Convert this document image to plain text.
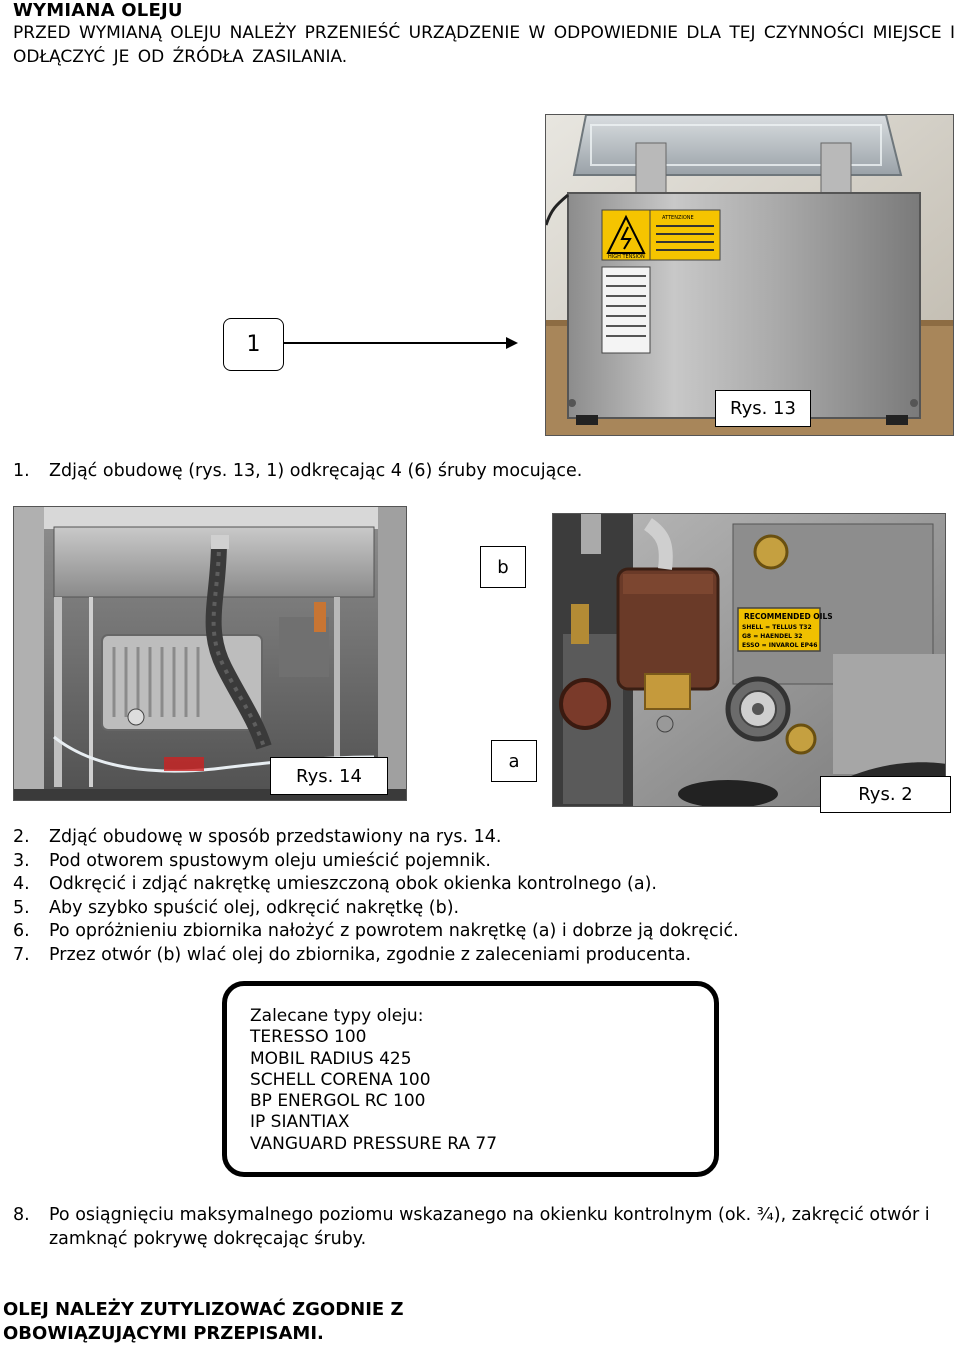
WYMIANA OLEJU
PRZED WYMIANĄ OLEJU NALEŻY PRZENIEŚĆ URZĄDZENIE W ODPOWIEDNIE DLA TEJ CZYNNOŚCI MIEJSCE I ODŁĄCZYĆ JE OD ŹRÓDŁA ZASILANIA.
HIGH TENSION
ATTENZIONE
Rys. 13
1
1. Zdjąć obudowę (rys. 13, 1) odkręcając 4 (6) śruby mocujące.
Rys. 14
RECOMMENDED OILS
SHELL = TELLUS T32
G8 = HAENDEL 32
ESSO = INVAROL EP46
b
a
Rys. 2
2. Zdjąć obudowę w sposób przedstawiony na rys. 14.
3. Pod otworem spustowym oleju umieścić pojemnik.
4. Odkręcić i zdjąć nakrętkę umieszczoną obok okienka kontrolnego (a).
5. Aby szybko spuścić olej, odkręcić nakrętkę (b).
6. Po opróżnieniu zbiornika nałożyć z powrotem nakrętkę (a) i dobrze ją dokręcić.
7. Przez otwór (b) wlać olej do zbiornika, zgodnie z zaleceniami producenta.
Zalecane typy oleju:
TERESSO 100
MOBIL RADIUS 425
SCHELL CORENA 100
BP ENERGOL RC 100
IP SIANTIAX
VANGUARD PRESSURE RA 77
8. Po osiągnięciu maksymalnego poziomu wskazanego na okienku kontrolnym (ok. ¾), zakręcić otwór i
zamknąć pokrywę dokręcając śruby.
OLEJ NALEŻY ZUTYLIZOWAĆ ZGODNIE Z
OBOWIĄZUJĄCYMI PRZEPISAMI.
